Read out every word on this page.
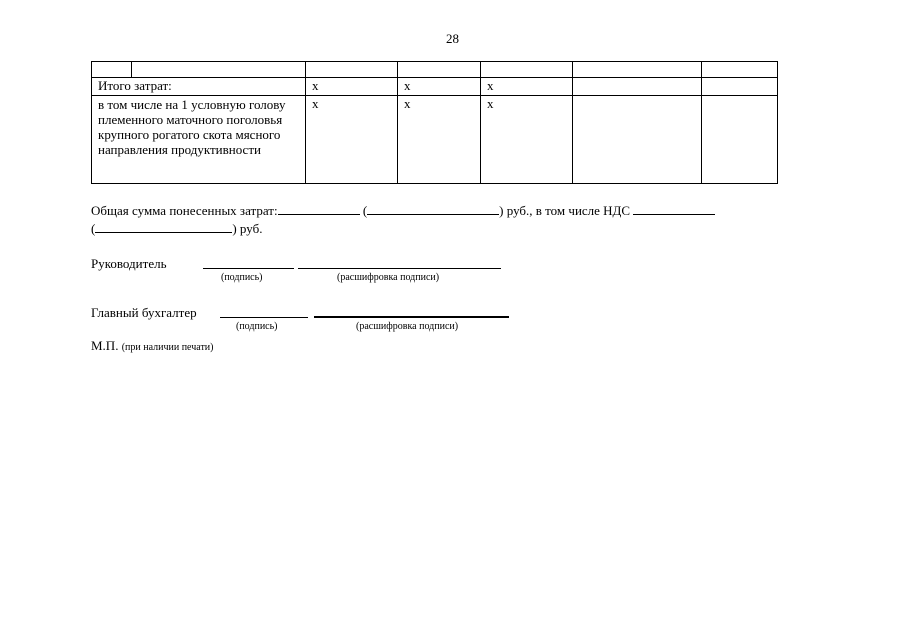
28

Итого затрат:		х	х	х		
в том числе на 1 условную голову племенного маточного поголовья крупного рогатого скота мясного направления продуктивности		х	х	х		
Общая сумма понесенных затрат:	(	) руб., в том числе НДС
(	) руб.
Руководитель
(подпись)	(расшифровка подписи)
Главный бухгалтер
(подпись)	(расшифровка подписи)
М.П. (при наличии печати)
